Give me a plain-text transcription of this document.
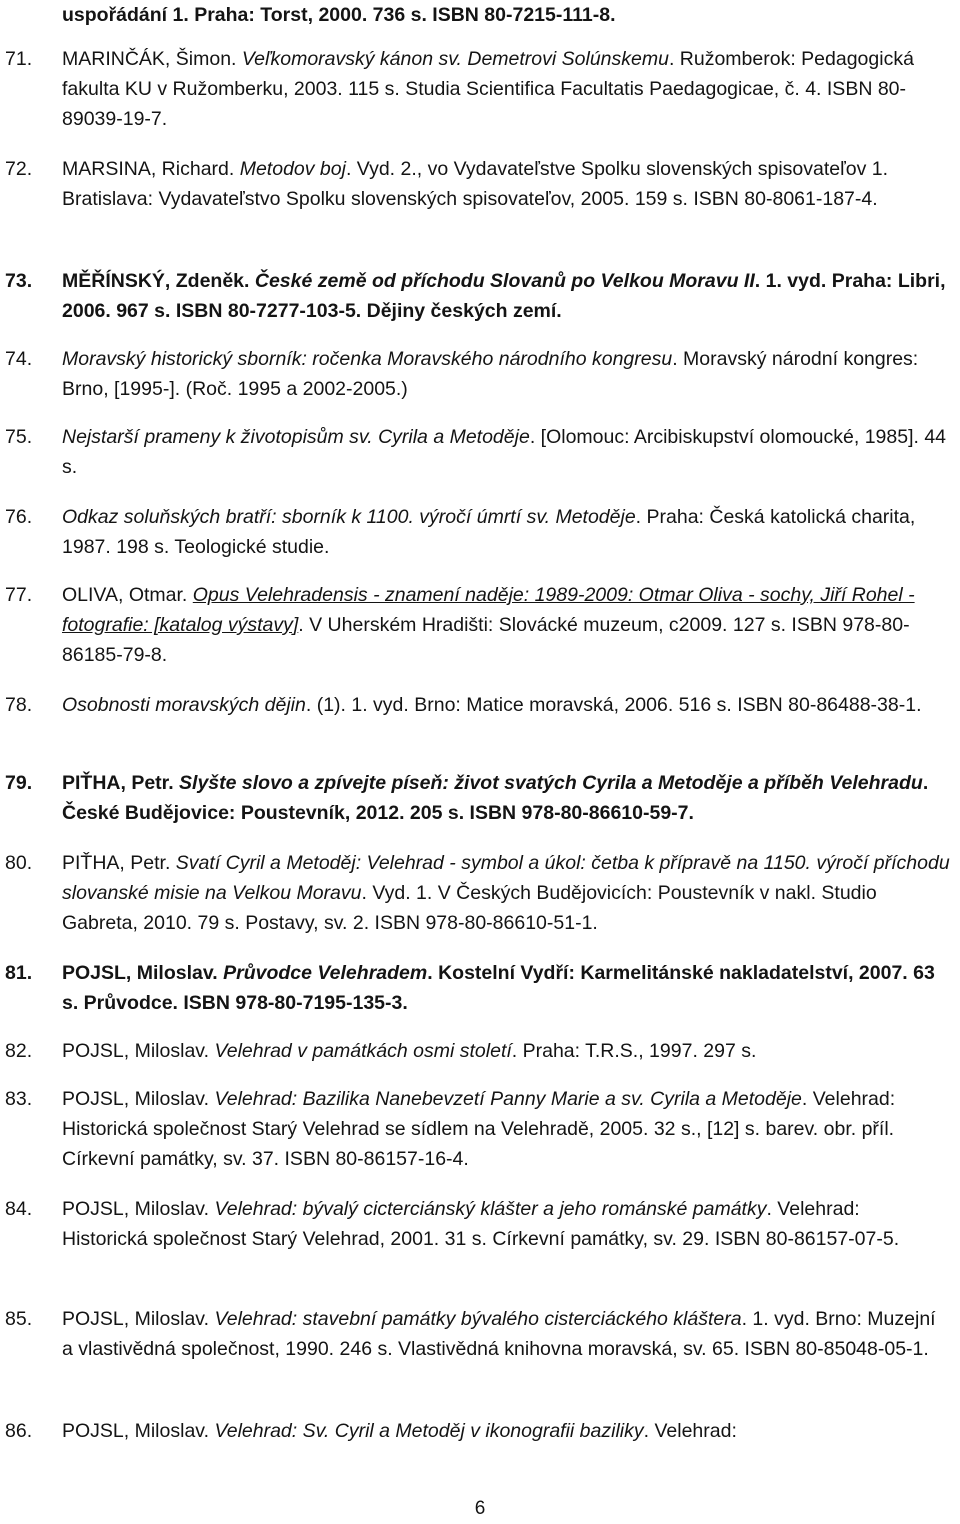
uspořádání 1. Praha: Torst, 2000. 736 s. ISBN 80-7215-111-8.
71.	MARINČÁK, Šimon. Veľkomoravský kánon sv. Demetrovi Solúnskemu. Ružomberok: Pedagogická fakulta KU v Ružomberku, 2003. 115 s. Studia Scientifica Facultatis Paedagogicae, č. 4. ISBN 80-89039-19-7.
72.	MARSINA, Richard. Metodov boj. Vyd. 2., vo Vydavateľstve Spolku slovenských spisovateľov 1. Bratislava: Vydavateľstvo Spolku slovenských spisovateľov, 2005. 159 s. ISBN 80-8061-187-4.
73.	MĚŘÍNSKÝ, Zdeněk. České země od příchodu Slovanů po Velkou Moravu II. 1. vyd. Praha: Libri, 2006. 967 s. ISBN 80-7277-103-5. Dějiny českých zemí.
74.	Moravský historický sborník: ročenka Moravského národního kongresu. Moravský národní kongres: Brno, [1995-]. (Roč. 1995 a 2002-2005.)
75.	Nejstarší prameny k životopisům sv. Cyrila a Metoděje. [Olomouc: Arcibiskupství olomoucké, 1985]. 44 s.
76.	Odkaz soluňských bratří: sborník k 1100. výročí úmrtí sv. Metoděje. Praha: Česká katolická charita, 1987. 198 s. Teologické studie.
77.	OLIVA, Otmar. Opus Velehradensis - znamení naděje: 1989-2009: Otmar Oliva - sochy, Jiří Rohel - fotografie: [katalog výstavy]. V Uherském Hradišti: Slovácké muzeum, c2009. 127 s. ISBN 978-80-86185-79-8.
78.	Osobnosti moravských dějin. (1). 1. vyd. Brno: Matice moravská, 2006. 516 s. ISBN 80-86488-38-1.
79.	PIŤHA, Petr. Slyšte slovo a zpívejte píseň: život svatých Cyrila a Metoděje a příběh Velehradu. České Budějovice: Poustevník, 2012. 205 s. ISBN 978-80-86610-59-7.
80.	PIŤHA, Petr. Svatí Cyril a Metoděj: Velehrad - symbol a úkol: četba k přípravě na 1150. výročí příchodu slovanské misie na Velkou Moravu. Vyd. 1. V Českých Budějovicích: Poustevník v nakl. Studio Gabreta, 2010. 79 s. Postavy, sv. 2. ISBN 978-80-86610-51-1.
81.	POJSL, Miloslav. Průvodce Velehradem. Kostelní Vydří: Karmelitánské nakladatelství, 2007. 63 s. Průvodce. ISBN 978-80-7195-135-3.
82.	POJSL, Miloslav. Velehrad v památkách osmi století. Praha: T.R.S., 1997. 297 s.
83.	POJSL, Miloslav. Velehrad: Bazilika Nanebevzetí Panny Marie a sv. Cyrila a Metoděje. Velehrad: Historická společnost Starý Velehrad se sídlem na Velehradě, 2005. 32 s., [12] s. barev. obr. příl. Církevní památky, sv. 37. ISBN 80-86157-16-4.
84.	POJSL, Miloslav. Velehrad: bývalý cicterciánský klášter a jeho románské památky. Velehrad: Historická společnost Starý Velehrad, 2001. 31 s. Církevní památky, sv. 29. ISBN 80-86157-07-5.
85.	POJSL, Miloslav. Velehrad: stavební památky bývalého cisterciáckého kláštera. 1. vyd. Brno: Muzejní a vlastivědná společnost, 1990. 246 s. Vlastivědná knihovna moravská, sv. 65. ISBN 80-85048-05-1.
86.	POJSL, Miloslav. Velehrad: Sv. Cyril a Metoděj v ikonografii baziliky. Velehrad:
6
